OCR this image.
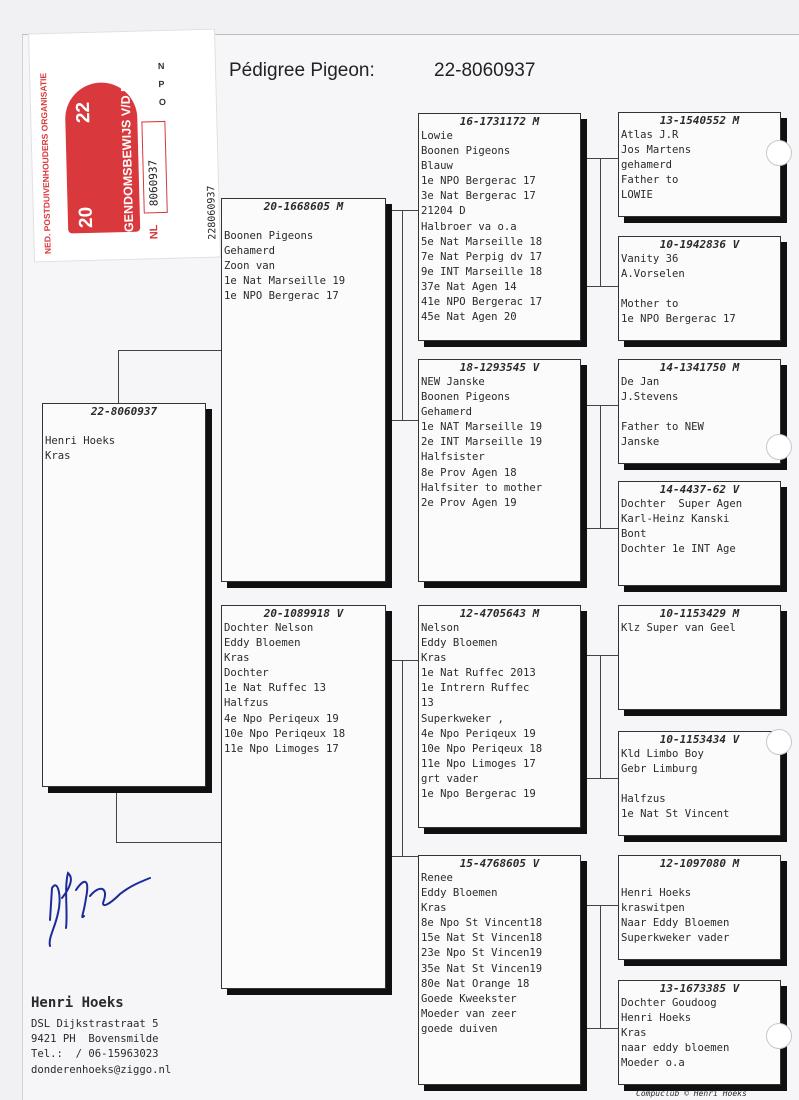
NED. POSTDUIVENHOUDERS ORGANISATIE 20
22 EIGENDOMSBEWIJS V/D RING NL
8060937
228060937
N
P
O
Pédigree Pigeon:	22-8060937
22-8060937
Henri Hoeks
Kras
20-1668605 M
Boonen Pigeons
Gehamerd
Zoon van
1e Nat Marseille 19
1e NPO Bergerac 17
20-1089918 V
Dochter Nelson
Eddy Bloemen
Kras
Dochter
1e Nat Ruffec 13
Halfzus
4e Npo Periqeux 19
10e Npo Periqeux 18
11e Npo Limoges 17
16-1731172 M
Lowie
Boonen Pigeons
Blauw
1e NPO Bergerac 17
3e Nat Bergerac 17
21204 D
Halbroer va o.a
5e Nat Marseille 18
7e Nat Perpig dv 17
9e INT Marseille 18
37e Nat Agen 14
41e NPO Bergerac 17
45e Nat Agen 20
18-1293545 V
NEW Janske
Boonen Pigeons
Gehamerd
1e NAT Marseille 19
2e INT Marseille 19
Halfsister
8e Prov Agen 18
Halfsiter to mother
2e Prov Agen 19
12-4705643 M
Nelson
Eddy Bloemen
Kras
1e Nat Ruffec 2013
1e Intrern Ruffec
13
Superkweker ,
4e Npo Periqeux 19
10e Npo Periqeux 18
11e Npo Limoges 17
grt vader
1e Npo Bergerac 19
15-4768605 V
Renee
Eddy Bloemen
Kras
8e Npo St Vincent18
15e Nat St Vincen18
23e Npo St Vincen19
35e Nat St Vincen19
80e Nat Orange 18
Goede Kweekster
Moeder van zeer
goede duiven
13-1540552 M
Atlas J.R
Jos Martens
gehamerd
Father to
LOWIE
10-1942836 V
Vanity 36
A.Vorselen
Mother to
1e NPO Bergerac 17
14-1341750 M
De Jan
J.Stevens
Father to NEW
Janske
14-4437-62 V
Dochter  Super Agen
Karl-Heinz Kanski
Bont
Dochter 1e INT Age
10-1153429 M
Klz Super van Geel
10-1153434 V
Kld Limbo Boy
Gebr Limburg
Halfzus
1e Nat St Vincent
12-1097080 M
Henri Hoeks
kraswitpen
Naar Eddy Bloemen
Superkweker vader
13-1673385 V
Dochter Goudoog
Henri Hoeks
Kras
naar eddy bloemen
Moeder o.a
Henri Hoeks
DSL Dijkstrastraat 5
9421 PH  Bovensmilde
Tel.:  / 06-15963023
donderenhoeks@ziggo.nl
Compuclub © Henri Hoeks
